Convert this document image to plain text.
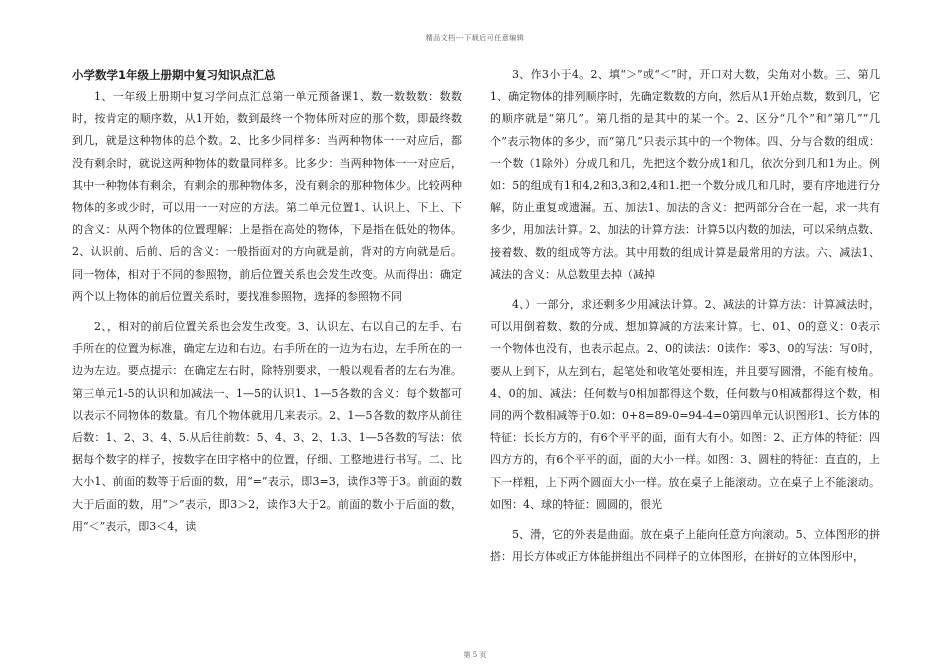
精品文档---下载后可任意编辑
小学数学1年级上册期中复习知识点汇总

1、一年级上册期中复习学问点汇总第一单元预备课1、数一数数数：数数时，按肯定的顺序数，从1开始，数到最终一个物体所对应的那个数，即最终数到几，就是这种物体的总个数。2、比多少同样多：当两种物体一一对应后，都没有剩余时，就说这两种物体的数量同样多。比多少：当两种物体一一对应后，其中一种物体有剩余，有剩余的那种物体多，没有剩余的那种物体少。比较两种物体的多或少时，可以用一一对应的方法。第二单元位置1、认识上、下上、下的含义：从两个物体的位置理解：上是指在高处的物体，下是指在低处的物体。2、认识前、后前、后的含义：一般指面对的方向就是前，背对的方向就是后。同一物体，相对于不同的参照物，前后位置关系也会发生改变。从而得出：确定两个以上物体的前后位置关系时，要找准参照物，选择的参照物不同

2、，相对的前后位置关系也会发生改变。3、认识左、右以自己的左手、右手所在的位置为标准，确定左边和右边。右手所在的一边为右边，左手所在的一边为左边。要点提示：在确定左右时，除特别要求，一般以观看者的左右为准。第三单元1-5的认识和加减法一、1—5的认识1、1—5各数的含义：每个数都可以表示不同物体的数量。有几个物体就用几来表示。2、1—5各数的数序从前往后数：1、2、3、4、5.从后往前数：5、4、3、2、1.3、1—5各数的写法：依据每个数字的样子，按数字在田字格中的位置，仔细、工整地进行书写。二、比大小1、前面的数等于后面的数，用“=”表示，即3=3，读作3等于3。前面的数大于后面的数，用“＞”表示，即3＞2，读作3大于2。前面的数小于后面的数，用“＜”表示，即3＜4，读

3、作3小于4。2、填“＞”或“＜”时，开口对大数，尖角对小数。三、第几1、确定物体的排列顺序时，先确定数数的方向，然后从1开始点数，数到几，它的顺序就是“第几”。第几指的是其中的某一个。2、区分“几个”和“第几”“几个”表示物体的多少，而“第几”只表示其中的一个物体。四、分与合数的组成：一个数（1除外）分成几和几，先把这个数分成1和几，依次分到几和1为止。例如：5的组成有1和4,2和3,3和2,4和1.把一个数分成几和几时，要有序地进行分解，防止重复或遗漏。五、加法1、加法的含义：把两部分合在一起，求一共有多少，用加法计算。2、加法的计算方法：计算5以内数的加法，可以采纳点数、接着数、数的组成等方法。其中用数的组成计算是最常用的方法。六、减法1、减法的含义：从总数里去掉（减掉

4、）一部分，求还剩多少用减法计算。2、减法的计算方法：计算减法时，可以用倒着数、数的分成、想加算减的方法来计算。七、01、0的意义：0表示一个物体也没有，也表示起点。2、0的读法：0读作：零3、0的写法：写0时，要从上到下，从左到右，起笔处和收笔处要相连，并且要写圆滑，不能有棱角。4、0的加、减法：任何数与0相加都得这个数，任何数与0相减都得这个数，相同的两个数相减等于0.如：0+8=89-0=94-4=0第四单元认识图形1、长方体的特征：长长方方的，有6个平平的面，面有大有小。如图：2、正方体的特征：四四方方的，有6个平平的面，面的大小一样。如图：3、圆柱的特征：直直的，上下一样粗，上下两个圆面大小一样。放在桌子上能滚动。立在桌子上不能滚动。如图：4、球的特征：圆圆的，很光

5、滑，它的外表是曲面。放在桌子上能向任意方向滚动。5、立体图形的拼搭：用长方体或正方体能拼组出不同样子的立体图形，在拼好的立体图形中，

第 5 页
